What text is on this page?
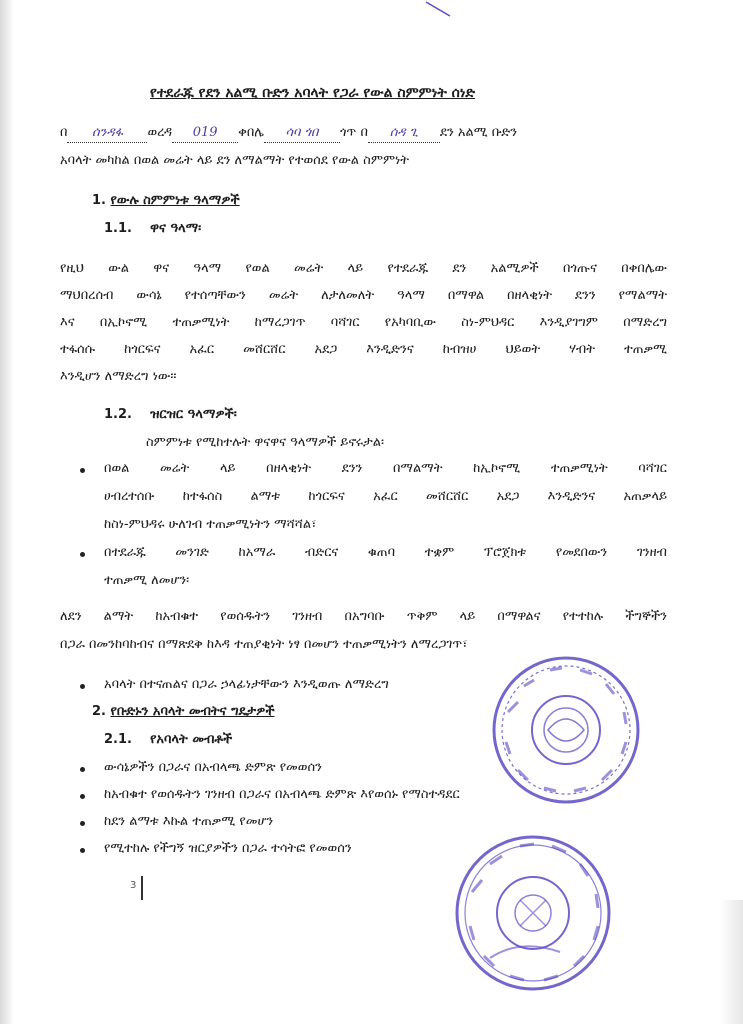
የተደራጁ የደን አልሚ ቡድን አባላት የጋራ የውል ስምምነት ሰነድ
በ ሰንዳፋ ወረዳ 019 ቀበሌ ሳባ ጎበ ጎጥ በ ሰዳ ጊ ደን አልሚ ቡድን
አባላት መካከል በወል መሬት ላይ ደን ለማልማት የተወሰደ የውል ስምምነት
1. የውሉ ስምምነቱ ዓላማዎች
1.1. ዋና ዓላማ፡
የዚህ ውል ዋና ዓላማ የወል መሬት ላይ የተደራጁ ደን አልሚዎች በጎጡና በቀበሌው
ማህበረሰብ ውሳኔ የተሰጣቸውን መሬት ለታለመለት ዓላማ በማዋል በዘላቂነት ደንን የማልማት
እና በኢኮኖሚ ተጠቃሚነት ከማረጋገጥ ባሻገር የአካባቢው ስነ-ምህዳር እንዲያገግም በማድረግ
ተፋሰሱ ከጎርፍና አፈር መሸርሸር አደጋ እንዲድንና ከብዝሀ ህይወት ሃብት ተጠቃሚ
እንዲሆን ለማድረግ ነው፡፡
1.2. ዝርዝር ዓላማዎች፡
ስምምነቱ የሚከተሉት ዋናዋና ዓላማዎች ይኖሩታል፡
በወል መሬት ላይ በዘላቂነት ደንን በማልማት ከኢኮኖሚ ተጠቃሚነት ባሻገር
ሀብረተሰቡ ከተፋሰስ ልማቱ ከጎርፍና አፈር መሸርሸር አደጋ እንዲድንና አጠቃላይ
ከስነ-ምህዳሩ ሁለገብ ተጠቃሚነትን ማሻሻል፣
በተደራጁ መንገድ ከአማራ ብድርና ቁጠባ ተቋም ፕሮጀክቱ የመደበውን ገንዘብ
ተጠቃሚ ለመሆን፡
ለደን ልማት ከአብቁተ የወሰዱትን ገንዘብ በአግባቡ ጥቅም ላይ በማዋልና የተተከሉ ችግኞችን
በጋራ በመንከባከብና በማጽደቅ ከእዳ ተጠያቂነት ነፃ በመሆን ተጠቃሚነትን ለማረጋገጥ፣
አባላት በተናጠልና በጋራ ኃላፊነታቸውን እንዲወጡ ለማድረግ
2. የቡድኑን አባላት መብትና ግዴታዎች
2.1. የአባላት መብቶች
ውሳኔዎችን በጋራና በአብላጫ ድምጽ የመወሰን
ከአብቁተ የወሰዱትን ገንዘብ በጋራና በአብላጫ ድምጽ እየወሰኑ የማስተዳደር
ከደን ልማቱ እኩል ተጠቃሚ የመሆን
የሚተከሉ የችግኝ ዝርያዎችን በጋራ ተሳትፎ የመወሰን
3
